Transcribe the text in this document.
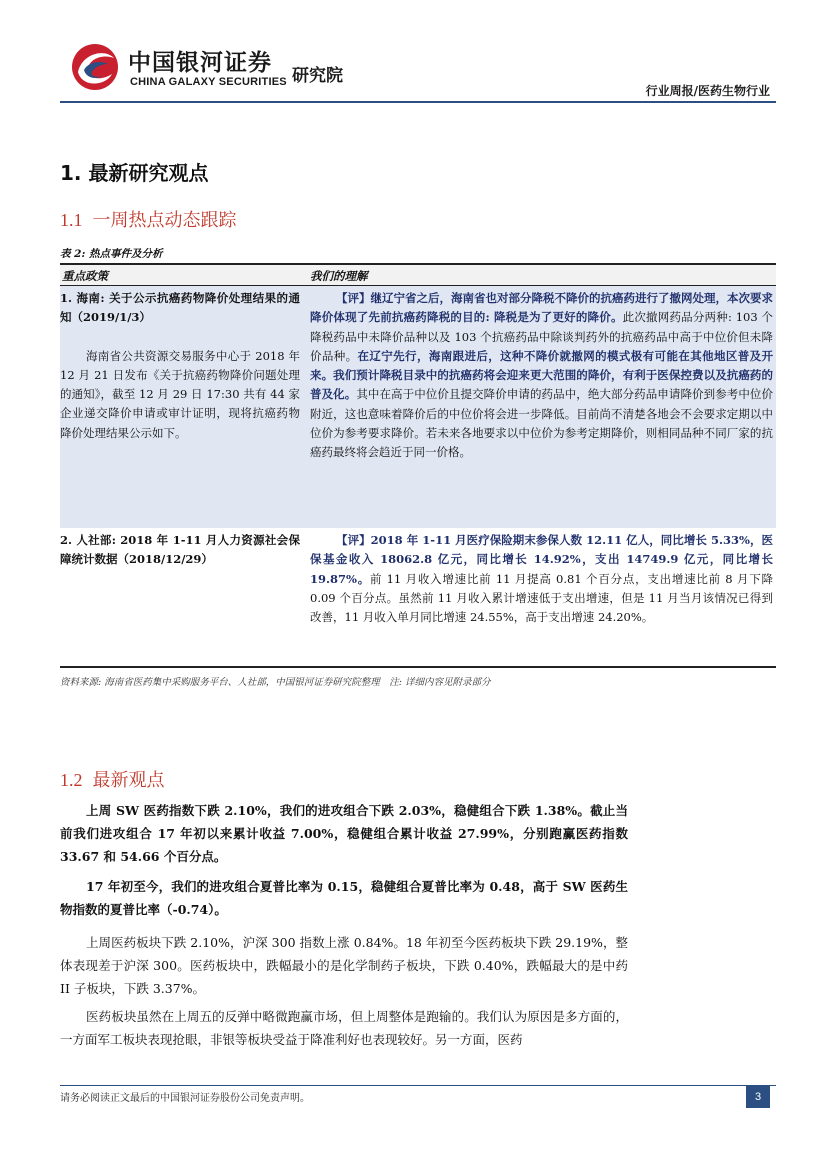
中国银河证券
CHINA GALAXY SECURITIES 研究院
行业周报/医药生物行业
1. 最新研究观点
1.1 一周热点动态跟踪
表 2: 热点事件及分析
重点政策	我们的理解
1. 海南: 关于公示抗癌药物降价处理结果的通知（2019/1/3）
海南省公共资源交易服务中心于 2018 年 12 月 21 日发布《关于抗癌药物降价问题处理的通知》，截至 12 月 29 日 17:30 共有 44 家企业递交降价申请或审计证明，现将抗癌药物降价处理结果公示如下。
【评】继辽宁省之后，海南省也对部分降税不降价的抗癌药进行了撤网处理，本次要求降价体现了先前抗癌药降税的目的: 降税是为了更好的降价。此次撤网药品分两种: 103 个降税药品中未降价品种以及 103 个抗癌药品中除谈判药外的抗癌药品中高于中位价但未降价品种。在辽宁先行，海南跟进后，这种不降价就撤网的模式极有可能在其他地区普及开来。我们预计降税目录中的抗癌药将会迎来更大范围的降价，有利于医保控费以及抗癌药的普及化。其中在高于中位价且提交降价申请的药品中，绝大部分药品申请降价到参考中位价附近，这也意味着降价后的中位价将会进一步降低。目前尚不清楚各地会不会要求定期以中位价为参考要求降价。若未来各地要求以中位价为参考定期降价，则相同品种不同厂家的抗癌药最终将会趋近于同一价格。
2. 人社部: 2018 年 1-11 月人力资源社会保障统计数据（2018/12/29）
【评】2018 年 1-11 月医疗保险期末参保人数 12.11 亿人，同比增长 5.33%，医保基金收入 18062.8 亿元，同比增长 14.92%，支出 14749.9 亿元，同比增长 19.87%。前 11 月收入增速比前 11 月提高 0.81 个百分点，支出增速比前 8 月下降 0.09 个百分点。虽然前 11 月收入累计增速低于支出增速，但是 11 月当月该情况已得到改善，11 月收入单月同比增速 24.55%，高于支出增速 24.20%。
资料来源: 海南省医药集中采购服务平台、人社部，中国银河证券研究院整理　注: 详细内容见附录部分
1.2 最新观点
上周 SW 医药指数下跌 2.10%，我们的进攻组合下跌 2.03%，稳健组合下跌 1.38%。截止当前我们进攻组合 17 年初以来累计收益 7.00%，稳健组合累计收益 27.99%，分别跑赢医药指数 33.67 和 54.66 个百分点。
17 年初至今，我们的进攻组合夏普比率为 0.15，稳健组合夏普比率为 0.48，高于 SW 医药生物指数的夏普比率（-0.74）。
上周医药板块下跌 2.10%，沪深 300 指数上涨 0.84%。18 年初至今医药板块下跌 29.19%，整体表现差于沪深 300。医药板块中，跌幅最小的是化学制药子板块，下跌 0.40%，跌幅最大的是中药 II 子板块，下跌 3.37%。
医药板块虽然在上周五的反弹中略微跑赢市场，但上周整体是跑输的。我们认为原因是多方面的，一方面军工板块表现抢眼，非银等板块受益于降准利好也表现较好。另一方面，医药
请务必阅读正文最后的中国银河证券股份公司免责声明。	3
